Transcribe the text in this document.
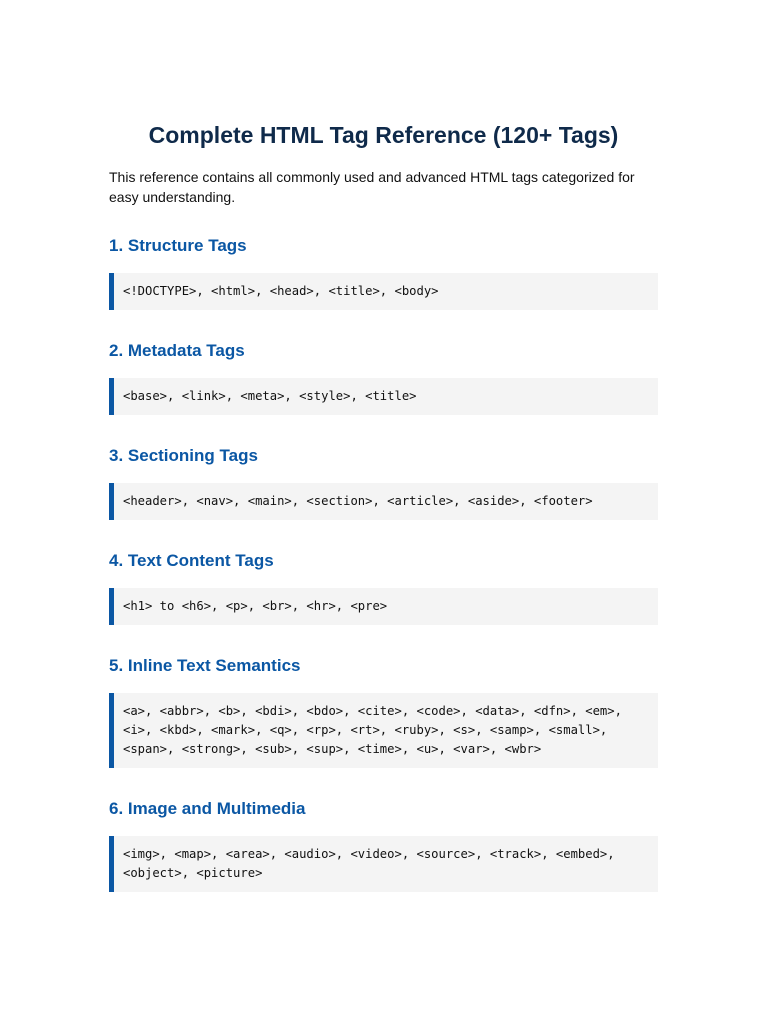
Complete HTML Tag Reference (120+ Tags)

This reference contains all commonly used and advanced HTML tags categorized for easy understanding.

1. Structure Tags
<!DOCTYPE>, <html>, <head>, <title>, <body>
2. Metadata Tags
<base>, <link>, <meta>, <style>, <title>
3. Sectioning Tags
<header>, <nav>, <main>, <section>, <article>, <aside>, <footer>
4. Text Content Tags
<h1> to <h6>, <p>, <br>, <hr>, <pre>
5. Inline Text Semantics
<a>, <abbr>, <b>, <bdi>, <bdo>, <cite>, <code>, <data>, <dfn>, <em>, <i>, <kbd>, <mark>, <q>, <rp>, <rt>, <ruby>, <s>, <samp>, <small>, <span>, <strong>, <sub>, <sup>, <time>, <u>, <var>, <wbr>
6. Image and Multimedia
<img>, <map>, <area>, <audio>, <video>, <source>, <track>, <embed>, <object>, <picture>
